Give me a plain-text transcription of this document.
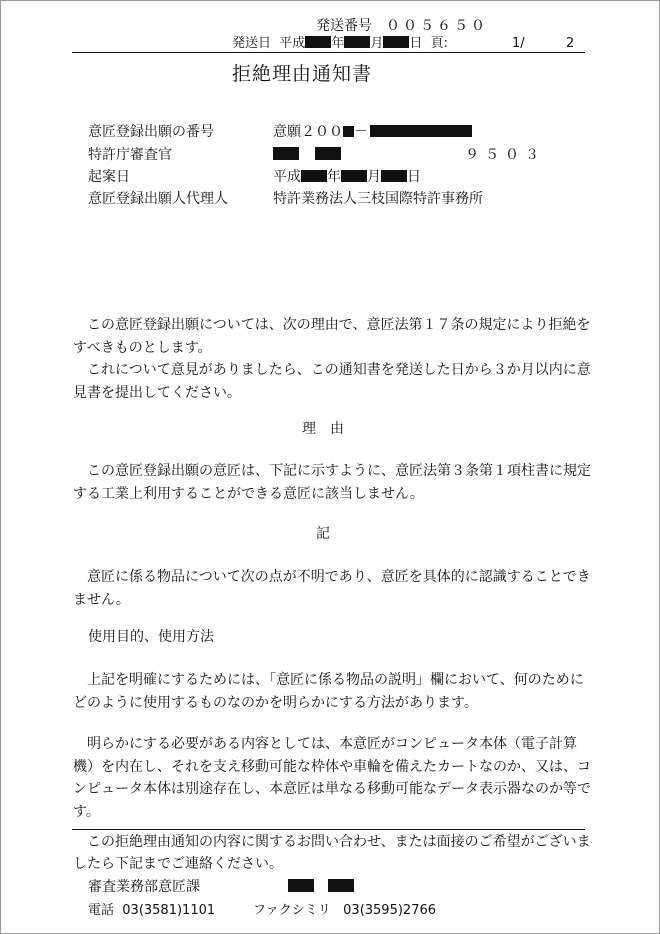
発送番号　 ００５６５０
発送日 平成 年 月 日 頁:	1/	2
拒絶理由通知書
意匠登録出願の番号	意願２００ －
特許庁審査官	９５０３
起案日	平成 年 月 日
意匠登録出願人代理人	特許業務法人三枝国際特許事務所

この意匠登録出願については、次の理由で、意匠法第１７条の規定により拒絶をすべきものとします。

これについて意見がありましたら、この通知書を発送した日から３か月以内に意見書を提出してください。

理　由

この意匠登録出願の意匠は、下記に示すように、意匠法第３条第１項柱書に規定する工業上利用することができる意匠に該当しません。

記

意匠に係る物品について次の点が不明であり、意匠を具体的に認識することできません。

使用目的、使用方法

上記を明確にするためには、「意匠に係る物品の説明」欄において、何のためにどのように使用するものなのかを明らかにする方法があります。

明らかにする必要がある内容としては、本意匠がコンピュータ本体（電子計算機）を内在し、それを支え移動可能な枠体や車輪を備えたカートなのか、又は、コンピュータ本体は別途存在し、本意匠は単なる移動可能なデータ表示器なのか等です。

この拒絶理由通知の内容に関するお問い合わせ、または面接のご希望がございましたら下記までご連絡ください。

審査業務部意匠課
電話 03(3581)1101	ファクシミリ 03(3595)2766
